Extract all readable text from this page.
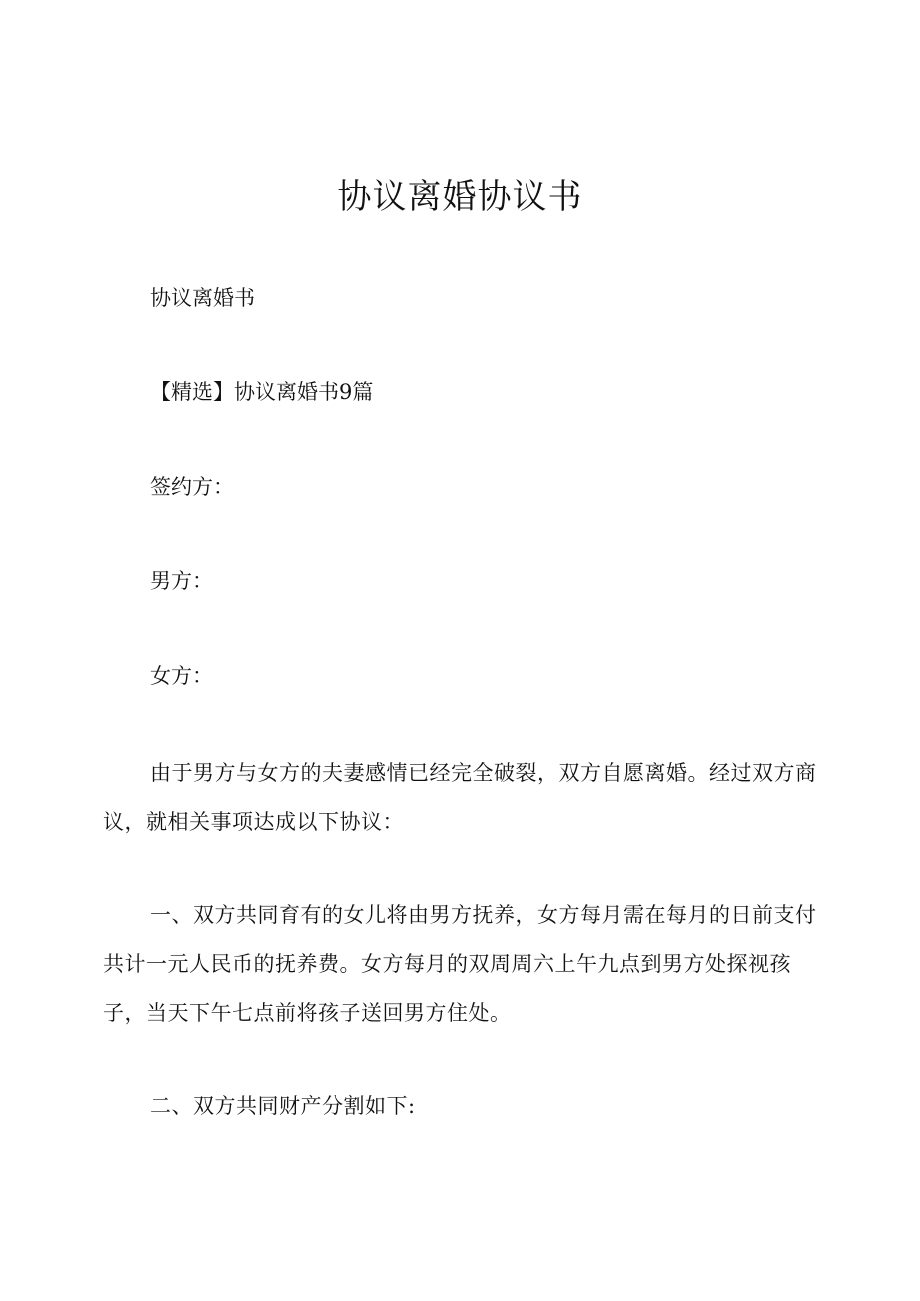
协议离婚协议书
协议离婚书
【精选】协议离婚书9篇
签约方：
男方：
女方：
由于男方与女方的夫妻感情已经完全破裂，双方自愿离婚。经过双方商议，就相关事项达成以下协议：
一、双方共同育有的女儿将由男方抚养，女方每月需在每月的日前支付共计一元人民币的抚养费。女方每月的双周周六上午九点到男方处探视孩子，当天下午七点前将孩子送回男方住处。
二、双方共同财产分割如下:
